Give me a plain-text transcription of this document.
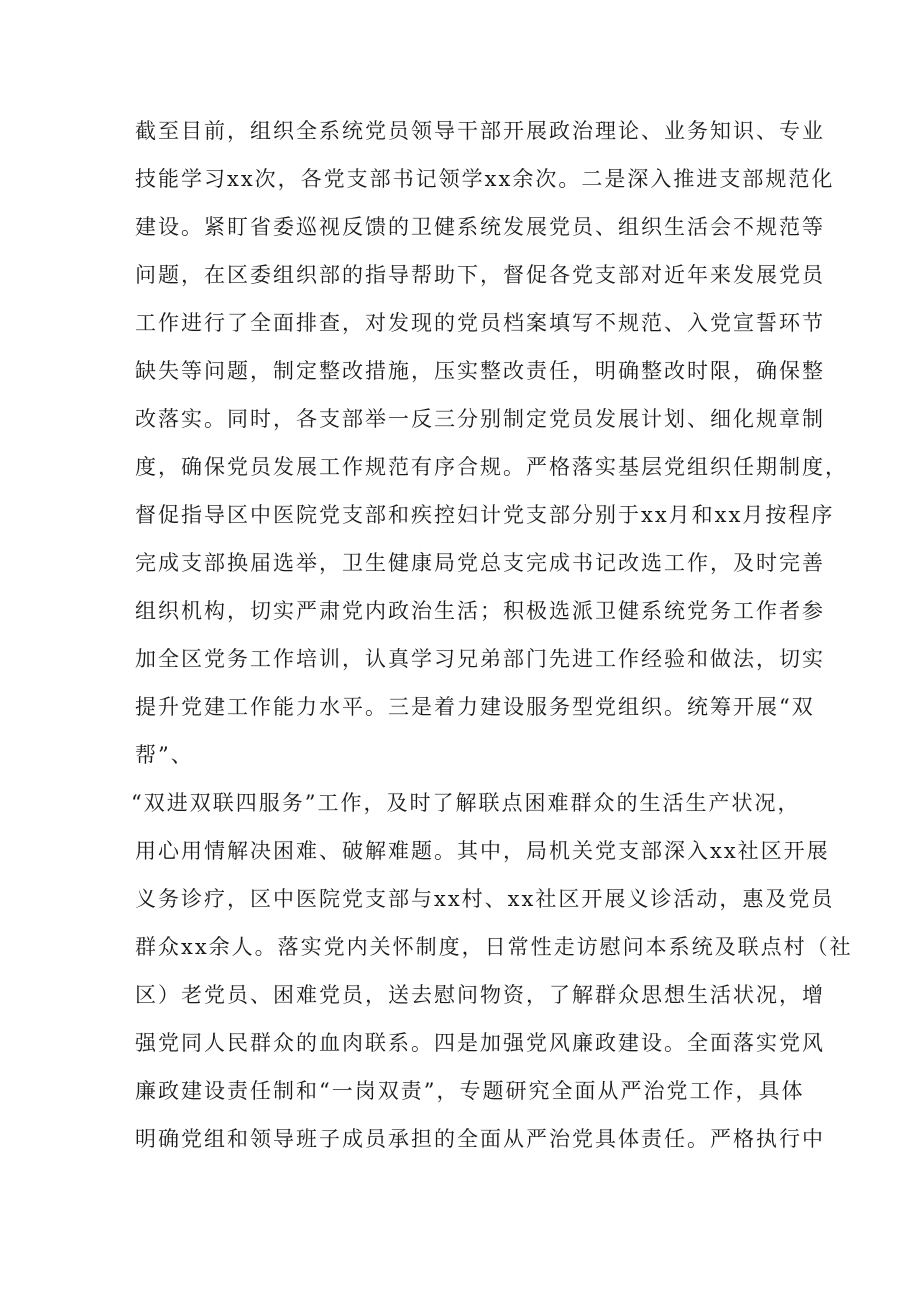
截至目前，组织全系统党员领导干部开展政治理论、业务知识、专业
技能学习xx次，各党支部书记领学xx余次。二是深入推进支部规范化
建设。紧盯省委巡视反馈的卫健系统发展党员、组织生活会不规范等
问题，在区委组织部的指导帮助下，督促各党支部对近年来发展党员
工作进行了全面排查，对发现的党员档案填写不规范、入党宣誓环节
缺失等问题，制定整改措施，压实整改责任，明确整改时限，确保整
改落实。同时，各支部举一反三分别制定党员发展计划、细化规章制
度，确保党员发展工作规范有序合规。严格落实基层党组织任期制度，
督促指导区中医院党支部和疾控妇计党支部分别于xx月和xx月按程序
完成支部换届选举，卫生健康局党总支完成书记改选工作，及时完善
组织机构，切实严肃党内政治生活；积极选派卫健系统党务工作者参
加全区党务工作培训，认真学习兄弟部门先进工作经验和做法，切实
提升党建工作能力水平。三是着力建设服务型党组织。统筹开展“双
帮”、
“双进双联四服务”工作，及时了解联点困难群众的生活生产状况，
用心用情解决困难、破解难题。其中，局机关党支部深入xx社区开展
义务诊疗，区中医院党支部与xx村、xx社区开展义诊活动，惠及党员
群众xx余人。落实党内关怀制度，日常性走访慰问本系统及联点村（社
区）老党员、困难党员，送去慰问物资，了解群众思想生活状况，增
强党同人民群众的血肉联系。四是加强党风廉政建设。全面落实党风
廉政建设责任制和“一岗双责”，专题研究全面从严治党工作，具体
明确党组和领导班子成员承担的全面从严治党具体责任。严格执行中
